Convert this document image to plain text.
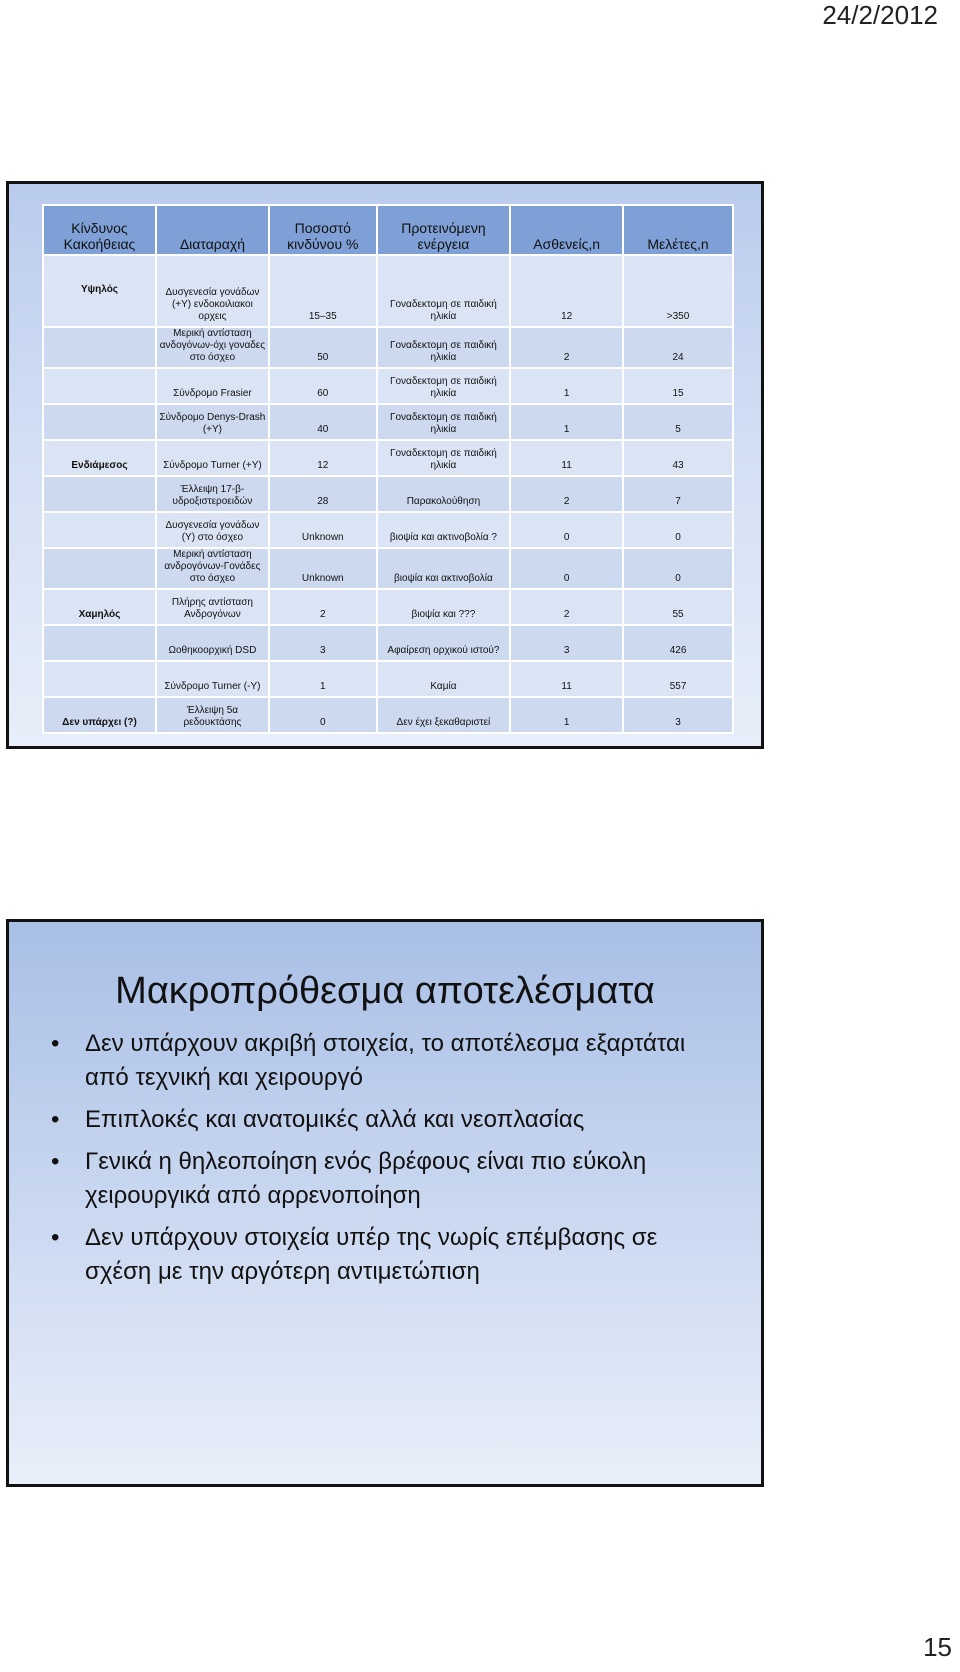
24/2/2012
Κίνδυνος Κακοήθειας	Διαταραχή	Ποσοστό κινδύνου %	Προτεινόμενη ενέργεια	Ασθενείς,n	Μελέτες,n
Υψηλός	Δυσγενεσία γονάδων (+Υ) ενδοκοιλιακοι ορχεις	15–35	Γοναδεκτομη σε παιδική ηλικία	12	>350
	Μερική αντίσταση ανδογόνων-όχι γοναδες στο όσχεο	50	Γοναδεκτομη σε παιδική ηλικία	2	24
	Σύνδρομο Frasier	60	Γοναδεκτομη σε παιδική ηλικία	1	15
	Σύνδρομο Denys-Drash (+Υ)	40	Γοναδεκτομη σε παιδική ηλικία	1	5
Ενδιάμεσος	Σύνδρομο Turner (+Υ)	12	Γοναδεκτομη σε παιδική ηλικία	11	43
	Έλλειψη 17-β-υδροξιστεροειδών	28	Παρακολούθηση	2	7
	Δυσγενεσία γονάδων (Υ) στο όσχεο	Unknown	βιοψία και ακτινοβολία ?	0	0
	Μερική αντίσταση ανδρογόνων-Γονάδες στο όσχεο	Unknown	βιοψία και ακτινοβολία	0	0
Χαμηλός	Πλήρης αντίσταση Ανδρογόνων	2	βιοψία και ???	2	55
	Ωοθηκοορχική DSD	3	Αφαίρεση ορχικού ιστού?	3	426
	Σύνδρομο Turner (-Υ)	1	Καμία	11	557
Δεν υπάρχει (?)	Έλλειψη 5α ρεδουκτάσης	0	Δεν έχει ξεκαθαριστεί	1	3
Μακροπρόθεσμα αποτελέσματα
• Δεν υπάρχουν ακριβή στοιχεία, το αποτέλεσμα εξαρτάται από τεχνική και χειρουργό
• Επιπλοκές και ανατομικές αλλά και νεοπλασίας
• Γενικά η θηλεοποίηση ενός βρέφους είναι πιο εύκολη χειρουργικά από αρρενοποίηση
• Δεν υπάρχουν στοιχεία υπέρ της νωρίς επέμβασης σε σχέση με την αργότερη αντιμετώπιση
15
